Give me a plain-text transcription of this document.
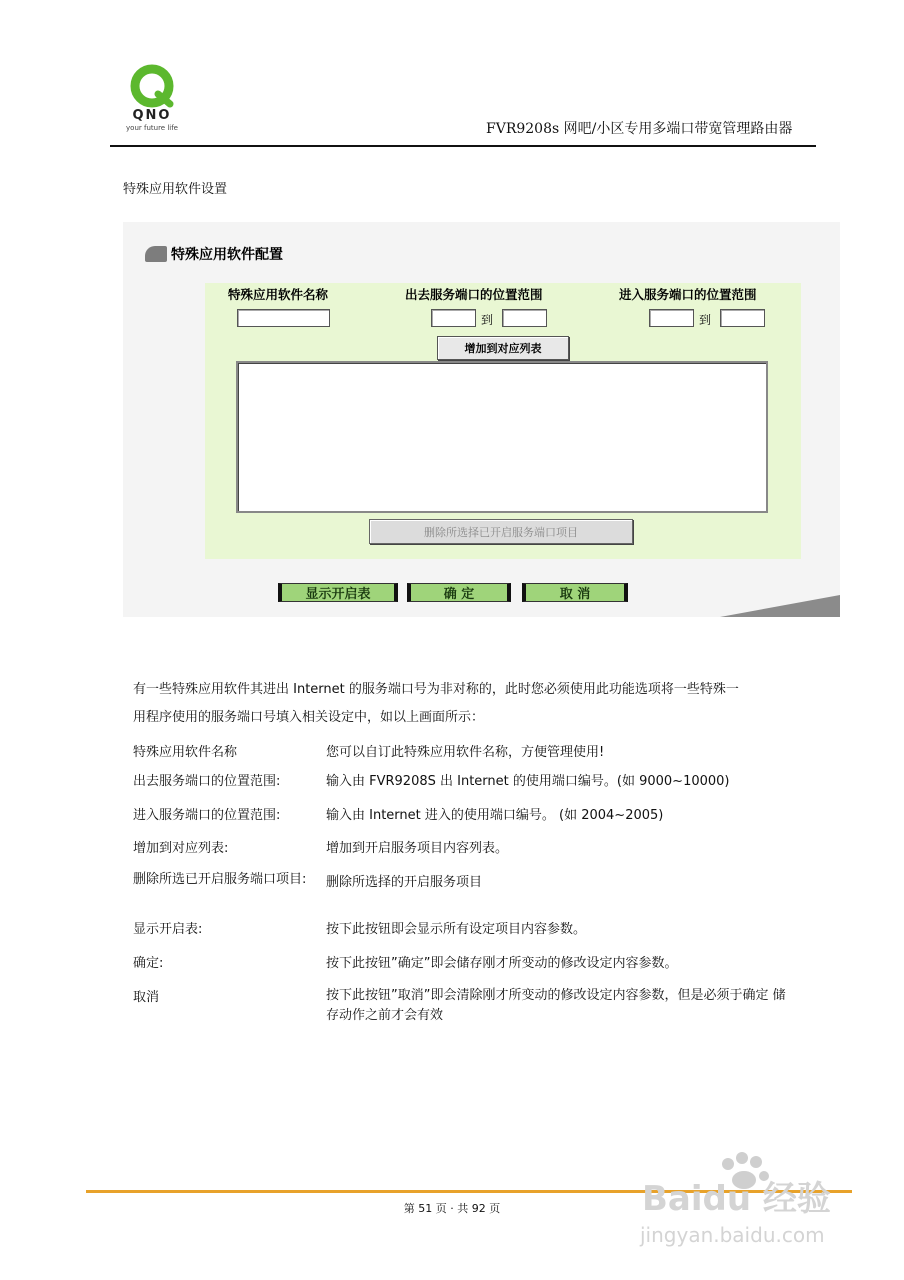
QNO
your future life	FVR9208s 网吧/小区专用多端口带宽管理路由器
特殊应用软件设置
特殊应用软件配置
特殊应用软件名称	出去服务端口的位置范围	进入服务端口的位置范围
到	到
增加到对应列表
删除所选择已开启服务端口项目
显示开启表	确 定	取 消
有一些特殊应用软件其进出 Internet 的服务端口号为非对称的，此时您必须使用此功能选项将一些特殊一
用程序使用的服务端口号填入相关设定中，如以上画面所示：
特殊应用软件名称	您可以自订此特殊应用软件名称，方便管理使用!
出去服务端口的位置范围:	输入由 FVR9208S 出 Internet 的使用端口编号。(如 9000~10000)
进入服务端口的位置范围:	输入由 Internet 进入的使用端口编号。 (如 2004~2005)
增加到对应列表:	增加到开启服务项目内容列表。
删除所选已开启服务端口项目:	删除所选择的开启服务项目
显示开启表:	按下此按钮即会显示所有设定项目内容参数。
确定:	按下此按钮”确定”即会储存刚才所变动的修改设定内容参数。
取消	按下此按钮”取消”即会清除刚才所变动的修改设定内容参数，但是必须于确定 储存动作之前才会有效
第 51 页 · 共 92 页	Baidu 经验
jingyan.baidu.com
